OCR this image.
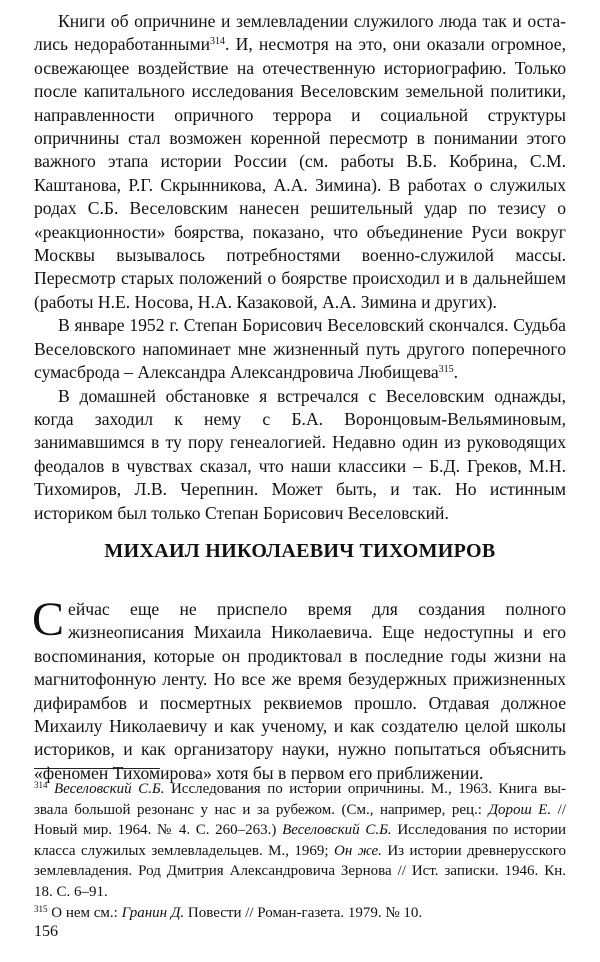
Книги об опричнине и землевладении служилого люда так и остались недоработанными$^{314}$. И, несмотря на это, они оказали огромное, освежающее воздействие на отечественную историографию. Только после капитального исследования Веселовским земельной политики, направленности опричного террора и социальной структуры опричнины стал возможен коренной пересмотр в понимании этого важного этапа истории России (см. работы В.Б. Кобрина, С.М. Каштанова, Р.Г. Скрынникова, А.А. Зимина). В работах о служилых родах С.Б. Веселовским нанесен решительный удар по тезису о «реакционности» боярства, показано, что объединение Руси вокруг Москвы вызывалось потребностями военно-служилой массы. Пересмотр старых положений о боярстве происходил и в дальнейшем (работы Н.Е. Носова, Н.А. Казаковой, А.А. Зимина и других).

В январе 1952 г. Степан Борисович Веселовский скончался. Судьба Веселовского напоминает мне жизненный путь другого поперечного сумасброда – Александра Александровича Любищева$^{315}$.

В домашней обстановке я встречался с Веселовским однажды, когда заходил к нему с Б.А. Воронцовым-Вельяминовым, занимавшимся в ту пору генеалогией. Недавно один из руководящих феодалов в чувствах сказал, что наши классики – Б.Д. Греков, М.Н. Тихомиров, Л.В. Черепнин. Может быть, и так. Но истинным историком был только Степан Борисович Веселовский.

МИХАИЛ НИКОЛАЕВИЧ ТИХОМИРОВ

Сейчас еще не приспело время для создания полного жизнеописания Михаила Николаевича. Еще недоступны и его воспоминания, которые он продиктовал в последние годы жизни на магнитофонную ленту. Но все же время безудержных прижизненных дифирамбов и посмертных реквиемов прошло. Отдавая должное Михаилу Николаевичу и как ученому, и как создателю целой школы историков, и как организатору науки, нужно попытаться объяснить «феномен Тихомирова» хотя бы в первом его приближении.

$^{314}$ Веселовский С.Б. Исследования по истории опричнины. М., 1963. Книга вызвала большой резонанс у нас и за рубежом. (См., например, рец.: Дорош Е. // Новый мир. 1964. № 4. С. 260–263.) Веселовский С.Б. Исследования по истории класса служилых землевладельцев. М., 1969; Он же. Из истории древнерусского землевладения. Род Дмитрия Александровича Зернова // Ист. записки. 1946. Кн. 18. С. 6–91.

$^{315}$ О нем см.: Гранин Д. Повести // Роман-газета. 1979. № 10.

156
